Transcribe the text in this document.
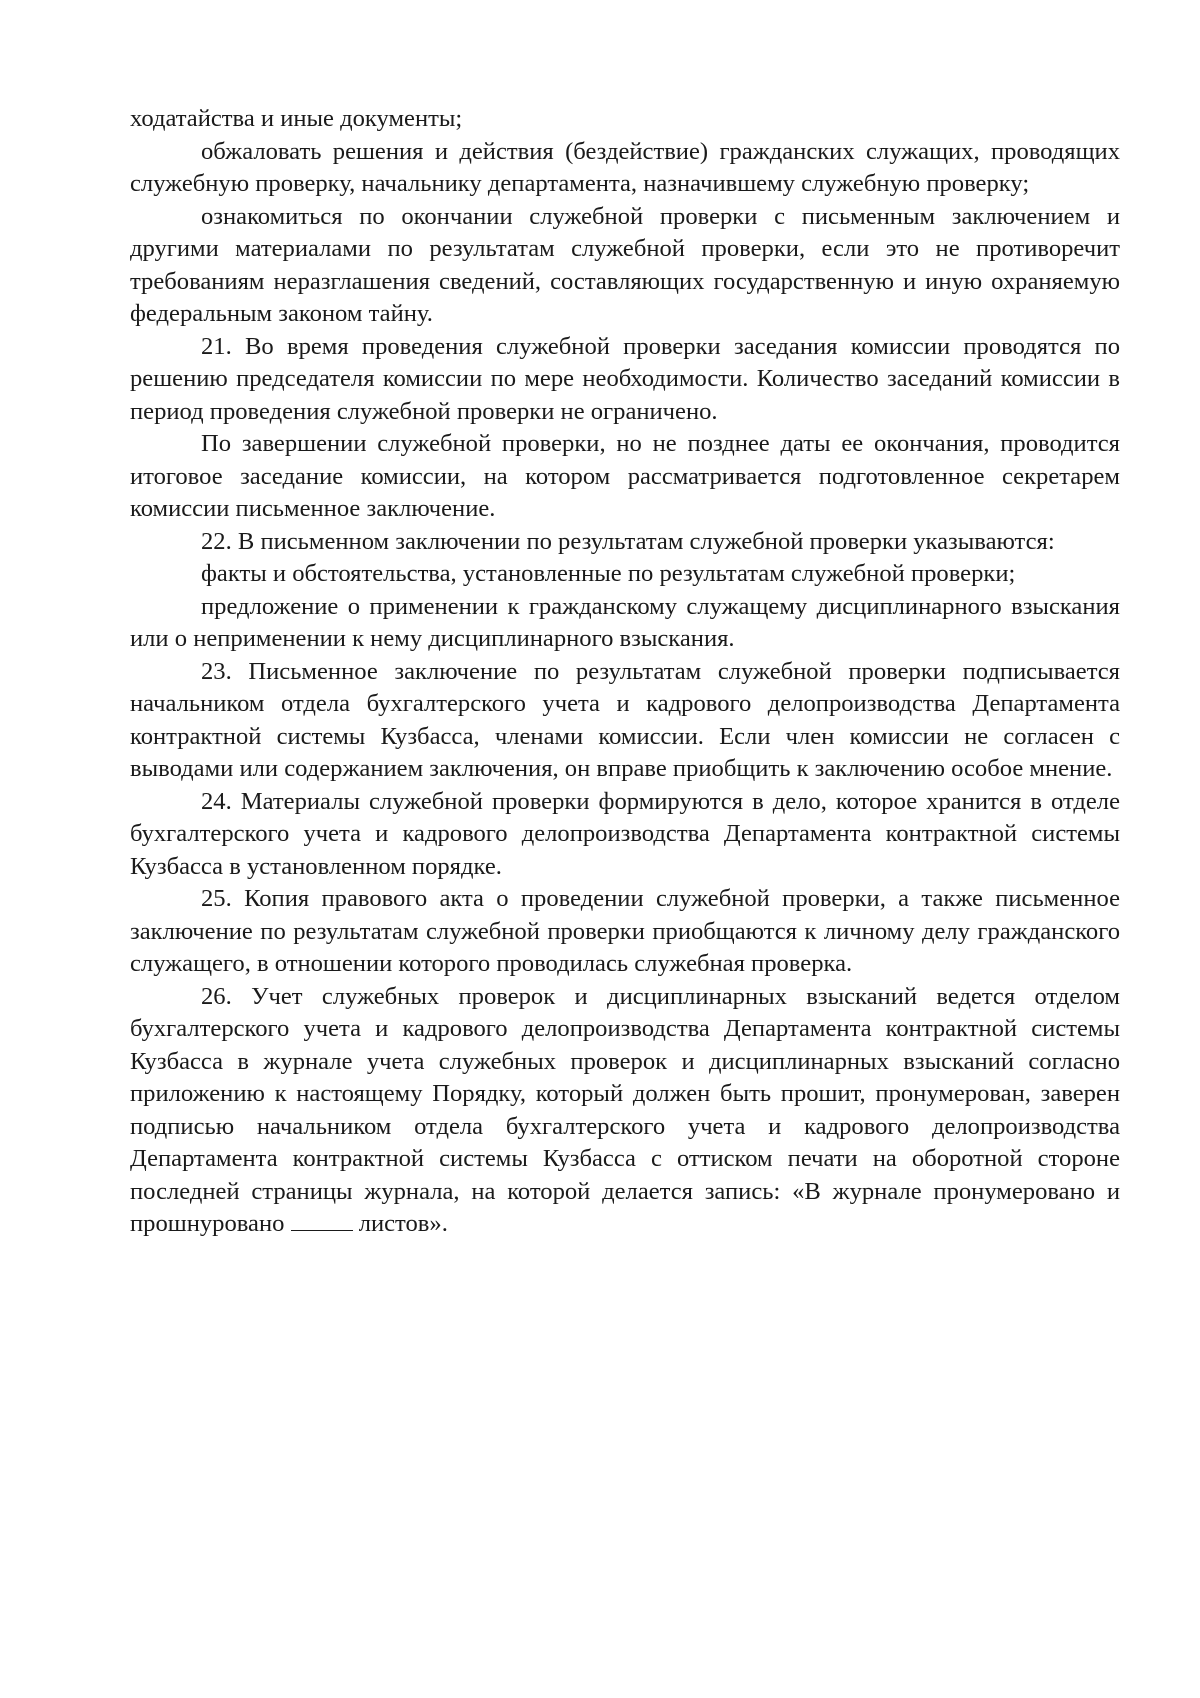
ходатайства и иные документы;

обжаловать решения и действия (бездействие) гражданских служащих, проводящих служебную проверку, начальнику департамента, назначившему служебную проверку;

ознакомиться по окончании служебной проверки с письменным заключением и другими материалами по результатам служебной проверки, если это не противоречит требованиям неразглашения сведений, составляющих государственную и иную охраняемую федеральным законом тайну.

21. Во время проведения служебной проверки заседания комиссии проводятся по решению председателя комиссии по мере необходимости. Количество заседаний комиссии в период проведения служебной проверки не ограничено.

По завершении служебной проверки, но не позднее даты ее окончания, проводится итоговое заседание комиссии, на котором рассматривается подготовленное секретарем комиссии письменное заключение.

22. В письменном заключении по результатам служебной проверки указываются:

факты и обстоятельства, установленные по результатам служебной проверки;

предложение о применении к гражданскому служащему дисциплинарного взыскания или о неприменении к нему дисциплинарного взыскания.

23. Письменное заключение по результатам служебной проверки подписывается начальником отдела бухгалтерского учета и кадрового делопроизводства Департамента контрактной системы Кузбасса, членами комиссии. Если член комиссии не согласен с выводами или содержанием заключения, он вправе приобщить к заключению особое мнение.

24. Материалы служебной проверки формируются в дело, которое хранится в отделе бухгалтерского учета и кадрового делопроизводства Департамента контрактной системы Кузбасса в установленном порядке.

25. Копия правового акта о проведении служебной проверки, а также письменное заключение по результатам служебной проверки приобщаются к личному делу гражданского служащего, в отношении которого проводилась служебная проверка.

26. Учет служебных проверок и дисциплинарных взысканий ведется отделом бухгалтерского учета и кадрового делопроизводства Департамента контрактной системы Кузбасса в журнале учета служебных проверок и дисциплинарных взысканий согласно приложению к настоящему Порядку, который должен быть прошит, пронумерован, заверен подписью начальником отдела бухгалтерского учета и кадрового делопроизводства Департамента контрактной системы Кузбасса с оттиском печати на оборотной стороне последней страницы журнала, на которой делается запись: «В журнале пронумеровано и прошнуровано	листов».
